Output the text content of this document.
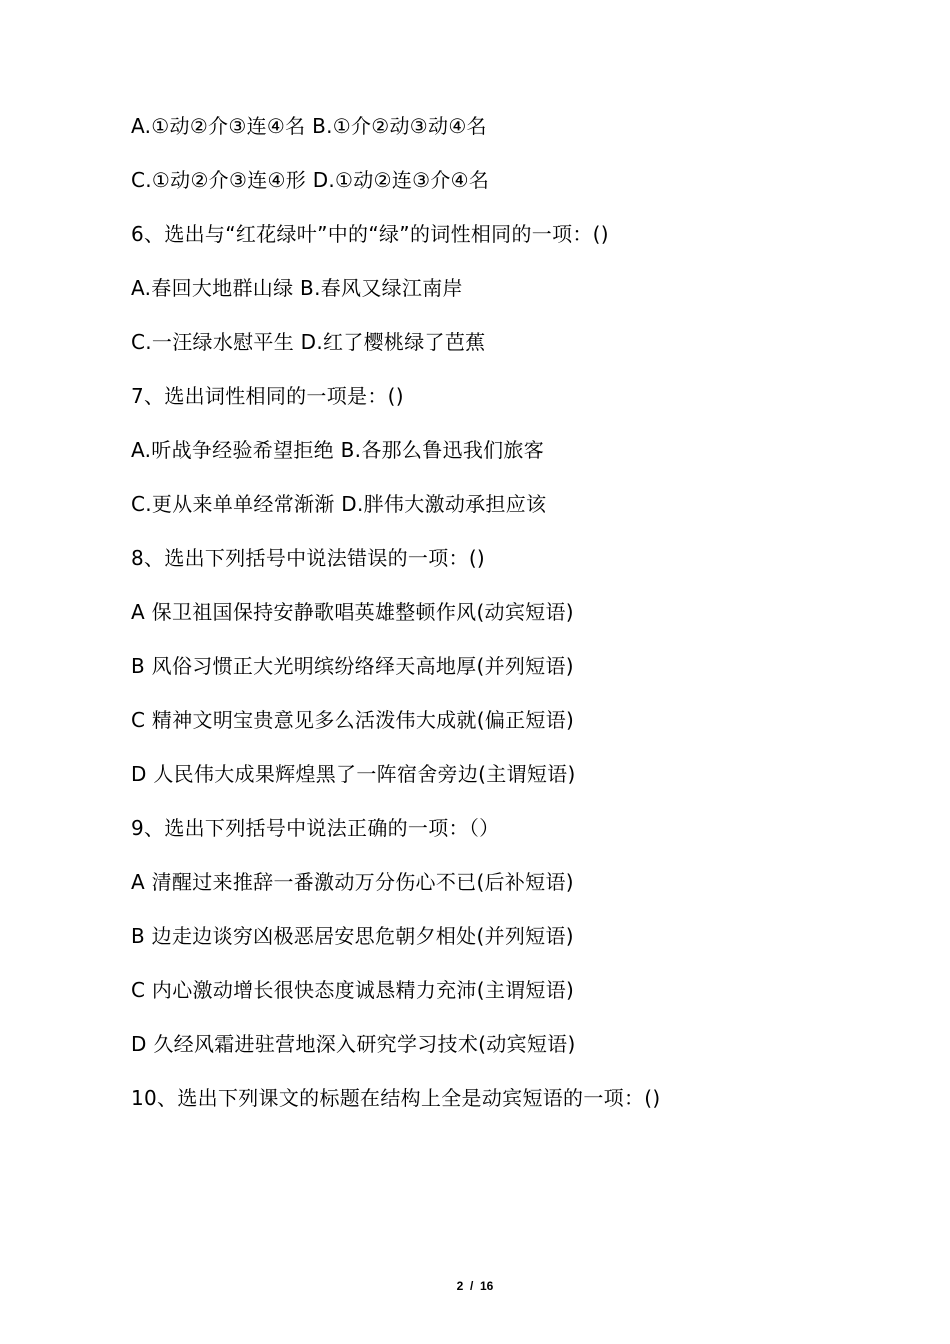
A.①动②介③连④名 B.①介②动③动④名
C.①动②介③连④形 D.①动②连③介④名
6、选出与“红花绿叶”中的“绿”的词性相同的一项：()
A.春回大地群山绿 B.春风又绿江南岸
C.一汪绿水慰平生 D.红了樱桃绿了芭蕉
7、选出词性相同的一项是：()
A.听战争经验希望拒绝 B.各那么鲁迅我们旅客
C.更从来单单经常渐渐 D.胖伟大激动承担应该
8、选出下列括号中说法错误的一项：()
A 保卫祖国保持安静歌唱英雄整顿作风(动宾短语)
B 风俗习惯正大光明缤纷络绎天高地厚(并列短语)
C 精神文明宝贵意见多么活泼伟大成就(偏正短语)
D 人民伟大成果辉煌黑了一阵宿舍旁边(主谓短语)
9、选出下列括号中说法正确的一项：（）
A 清醒过来推辞一番激动万分伤心不已(后补短语)
B 边走边谈穷凶极恶居安思危朝夕相处(并列短语)
C 内心激动增长很快态度诚恳精力充沛(主谓短语)
D 久经风霜进驻营地深入研究学习技术(动宾短语)
10、选出下列课文的标题在结构上全是动宾短语的一项：()
2  /  16
